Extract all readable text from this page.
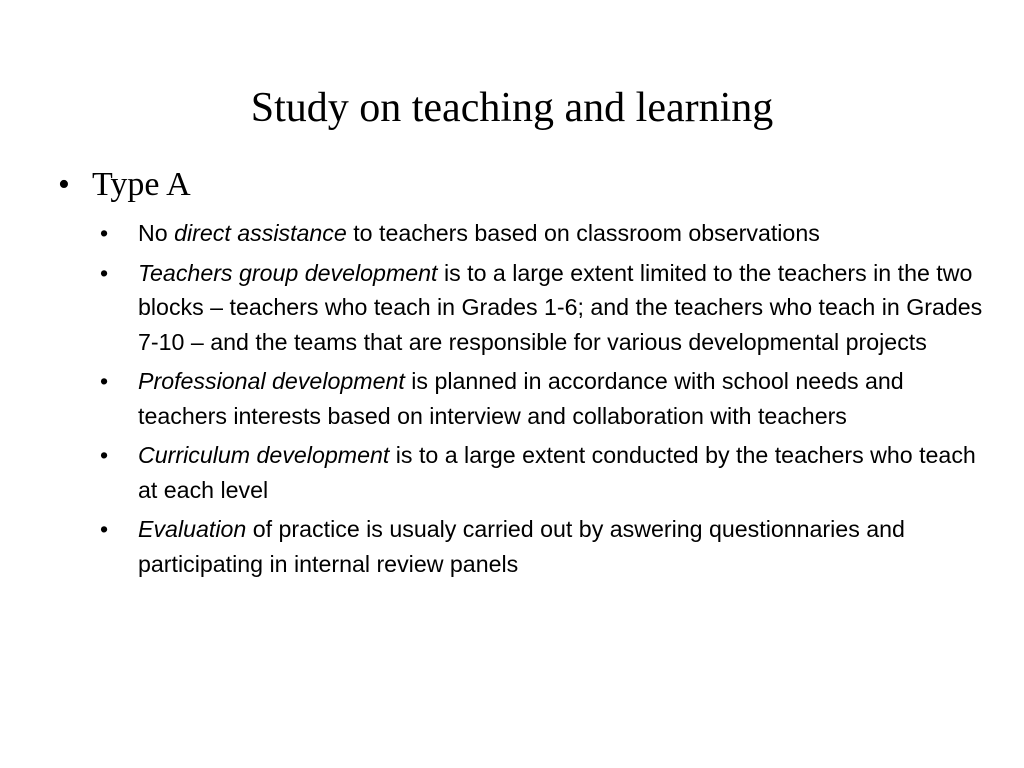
Study on teaching and learning
• Type A
• No direct assistance to teachers based on classroom observations
• Teachers group development is to a large extent limited to the teachers in the two blocks – teachers who teach in Grades 1-6; and the teachers who teach in Grades 7-10 – and the teams that are responsible for various developmental projects
• Professional development is planned in accordance with school needs and teachers interests based on interview and collaboration with teachers
• Curriculum development is to a large extent conducted by the teachers who teach at each level
• Evaluation of practice is usualy carried out by aswering questionnaries and participating in internal review panels
